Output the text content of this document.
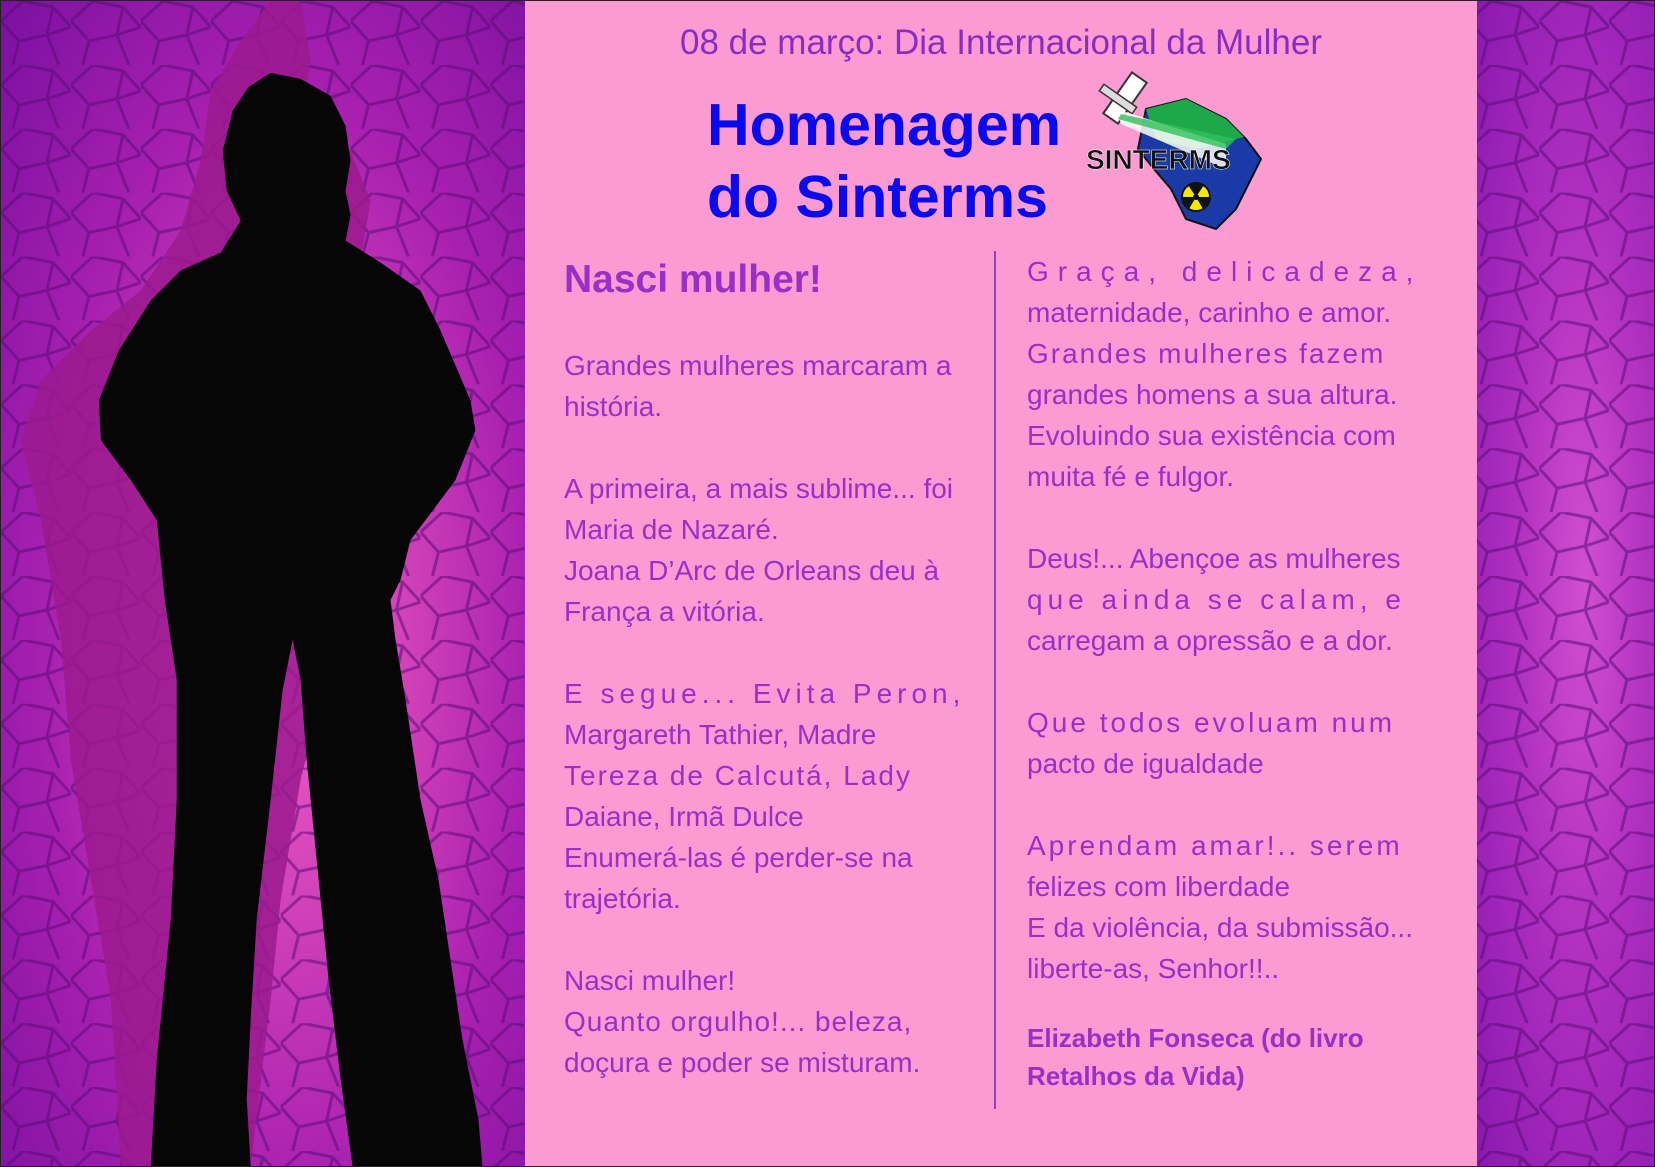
08 de março: Dia Internacional da Mulher
Homenagem
do Sinterms
SINTERMS
Nasci mulher!

Grandes mulheres marcaram a
história.

A primeira, a mais sublime... foi
Maria de Nazaré.
Joana D’Arc de Orleans deu à
França a vitória.

E segue... Evita Peron,
Margareth Tathier, Madre
Tereza de Calcutá, Lady
Daiane, Irmã Dulce
Enumerá-las é perder-se na
trajetória.

Nasci mulher!
Quanto orgulho!... beleza,
doçura e poder se misturam.

Graça, delicadeza,
maternidade, carinho e amor.
Grandes mulheres fazem
grandes homens a sua altura.
Evoluindo sua existência com
muita fé e fulgor.

Deus!... Abençoe as mulheres
que ainda se calam, e
carregam a opressão e a dor.

Que todos evoluam num
pacto de igualdade

Aprendam amar!.. serem
felizes com liberdade
E da violência, da submissão...
liberte-as, Senhor!!..

Elizabeth Fonseca (do livro
Retalhos da Vida)
